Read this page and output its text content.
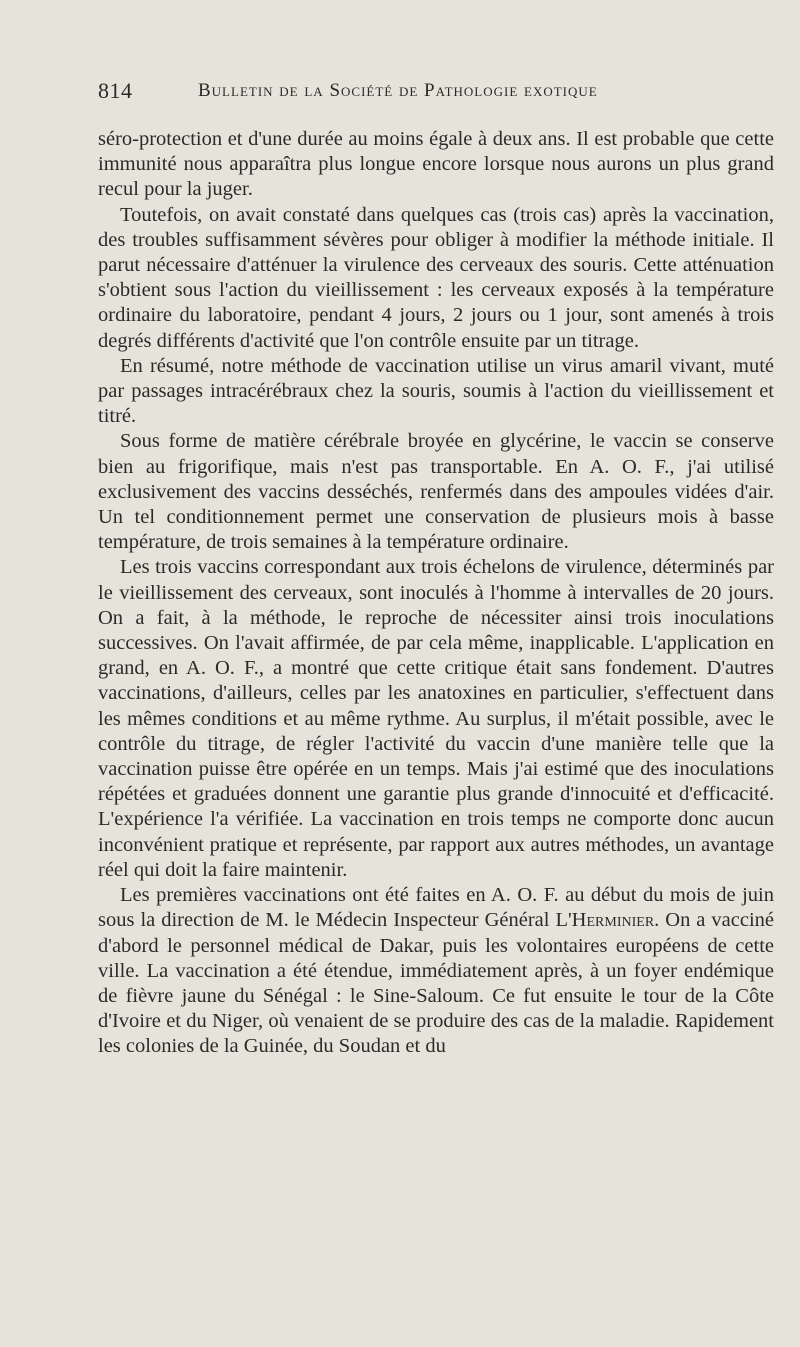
814	Bulletin de la Société de Pathologie exotique

séro-protection et d'une durée au moins égale à deux ans. Il est probable que cette immunité nous apparaîtra plus longue encore lorsque nous aurons un plus grand recul pour la juger.

Toutefois, on avait constaté dans quelques cas (trois cas) après la vaccination, des troubles suffisamment sévères pour obliger à modifier la méthode initiale. Il parut nécessaire d'atténuer la virulence des cerveaux des souris. Cette atténuation s'obtient sous l'action du vieillissement : les cerveaux exposés à la température ordinaire du laboratoire, pendant 4 jours, 2 jours ou 1 jour, sont amenés à trois degrés différents d'activité que l'on contrôle ensuite par un titrage.

En résumé, notre méthode de vaccination utilise un virus amaril vivant, muté par passages intracérébraux chez la souris, soumis à l'action du vieillissement et titré.

Sous forme de matière cérébrale broyée en glycérine, le vaccin se conserve bien au frigorifique, mais n'est pas transportable. En A. O. F., j'ai utilisé exclusivement des vaccins desséchés, renfermés dans des ampoules vidées d'air. Un tel conditionnement permet une conservation de plusieurs mois à basse température, de trois semaines à la température ordinaire.

Les trois vaccins correspondant aux trois échelons de virulence, déterminés par le vieillissement des cerveaux, sont inoculés à l'homme à intervalles de 20 jours. On a fait, à la méthode, le reproche de nécessiter ainsi trois inoculations successives. On l'avait affirmée, de par cela même, inapplicable. L'application en grand, en A. O. F., a montré que cette critique était sans fondement. D'autres vaccinations, d'ailleurs, celles par les anatoxines en particulier, s'effectuent dans les mêmes conditions et au même rythme. Au surplus, il m'était possible, avec le contrôle du titrage, de régler l'activité du vaccin d'une manière telle que la vaccination puisse être opérée en un temps. Mais j'ai estimé que des inoculations répétées et graduées donnent une garantie plus grande d'innocuité et d'efficacité. L'expérience l'a vérifiée. La vaccination en trois temps ne comporte donc aucun inconvénient pratique et représente, par rapport aux autres méthodes, un avantage réel qui doit la faire maintenir.

Les premières vaccinations ont été faites en A. O. F. au début du mois de juin sous la direction de M. le Médecin Inspecteur Général L'Herminier. On a vacciné d'abord le personnel médical de Dakar, puis les volontaires européens de cette ville. La vaccination a été étendue, immédiatement après, à un foyer endémique de fièvre jaune du Sénégal : le Sine-Saloum. Ce fut ensuite le tour de la Côte d'Ivoire et du Niger, où venaient de se produire des cas de la maladie. Rapidement les colonies de la Guinée, du Soudan et du
